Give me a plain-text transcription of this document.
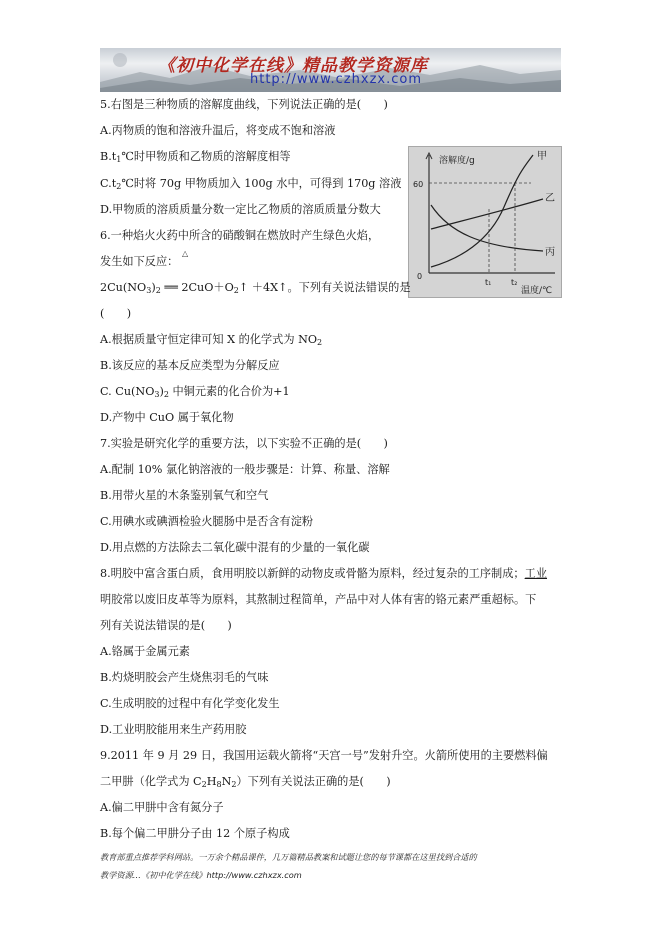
《初中化学在线》精品教学资源库
http://www.czhxzx.com
5.右图是三种物质的溶解度曲线，下列说法正确的是(　　)
A.丙物质的饱和溶液升温后，将变成不饱和溶液
$B.t_1℃$时甲物质和乙物质的溶解度相等
$C.t_2℃$时将 70g 甲物质加入 100g 水中，可得到 170g 溶液
D.甲物质的溶质质量分数一定比乙物质的溶质质量分数大
溶解度/g
60
0
t₁ t₂
温度/℃
甲
乙
丙
6.一种焰火火药中所含的硝酸铜在燃放时产生绿色火焰，
△
发生如下反应：
$2Cu(NO_3)_2$ ══ $2CuO+O_2↑$ ＋4X↑。下列有关说法错误的是
(　　)
A.根据质量守恒定律可知 X 的化学式为 $NO_2$
B.该反应的基本反应类型为分解反应
C. $Cu(NO_3)_2$ 中铜元素的化合价为+1
D.产物中 CuO 属于氧化物
7.实验是研究化学的重要方法，以下实验不正确的是(　　)
A.配制 10% 氯化钠溶液的一般步骤是：计算、称量、溶解
B.用带火星的木条鉴别氧气和空气
C.用碘水或碘酒检验火腿肠中是否含有淀粉
D.用点燃的方法除去二氧化碳中混有的少量的一氧化碳
8.明胶中富含蛋白质，食用明胶以新鲜的动物皮或骨骼为原料，经过复杂的工序制成；工业
明胶常以废旧皮革等为原料，其熬制过程简单，产品中对人体有害的铬元素严重超标。下
列有关说法错误的是(　　)
A.铬属于金属元素
B.灼烧明胶会产生烧焦羽毛的气味
C.生成明胶的过程中有化学变化发生
D.工业明胶能用来生产药用胶
9.2011 年 9 月 29 日，我国用运载火箭将“天宫一号”发射升空。火箭所使用的主要燃料偏
二甲肼（化学式为 $C_2H_8N_2$）下列有关说法正确的是(　　)
A.偏二甲肼中含有氮分子
B.每个偏二甲肼分子由 12 个原子构成
教育部重点推荐学科网站。一万余个精品课件，几万篇精品教案和试题让您的每节课都在这里找到合适的
教学资源…《初中化学在线》http://www.czhxzx.com
